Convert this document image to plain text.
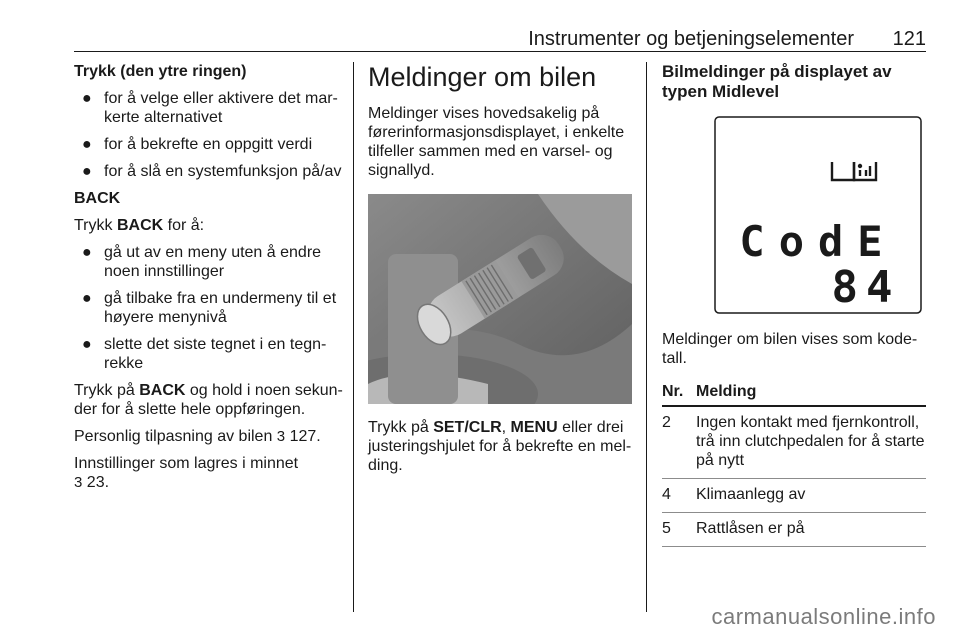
Instrumenter og betjeningselementer 121

Trykk (den ytre ringen)

● for å velge eller aktivere det mar-kerte alternativet
● for å bekrefte en oppgitt verdi
● for å slå en systemfunksjon på/av

BACK

Trykk BACK for å:

● gå ut av en meny uten å endre noen innstillinger
● gå tilbake fra en undermeny til et høyere menynivå
● slette det siste tegnet i en tegn-rekke

Trykk på BACK og hold i noen sekun-der for å slette hele oppføringen.

Personlig tilpasning av bilen 3 127.

Innstillinger som lagres i minnet
3 23.

Meldinger om bilen

Meldinger vises hovedsakelig på førerinformasjonsdisplayet, i enkelte tilfeller sammen med en varsel- og signallyd.

Trykk på SET/CLR, MENU eller drei justeringshjulet for å bekrefte en mel-ding.

Bilmeldinger på displayet av typen Midlevel
CodE
84

Meldinger om bilen vises som kode-tall.

Nr.	Melding
2	Ingen kontakt med fjernkontroll, trå inn clutchpedalen for å starte på nytt
4	Klimaanlegg av
5	Rattlåsen er på
carmanualsonline.info
